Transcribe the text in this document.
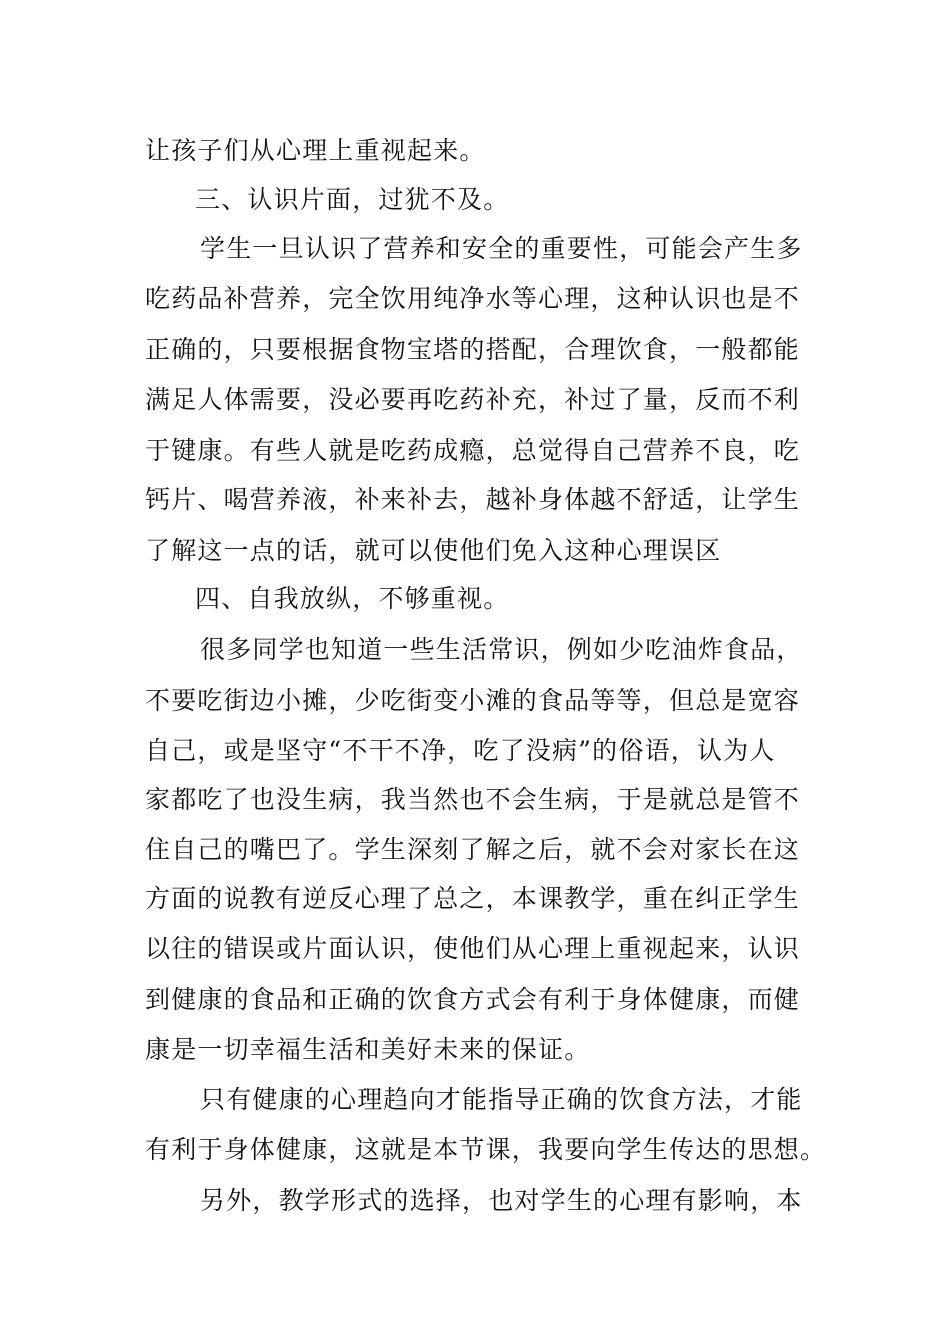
让孩子们从心理上重视起来。
三、认识片面，过犹不及。
学生一旦认识了营养和安全的重要性，可能会产生多
吃药品补营养，完全饮用纯净水等心理，这种认识也是不
正确的，只要根据食物宝塔的搭配，合理饮食，一般都能
满足人体需要，没必要再吃药补充，补过了量，反而不利
于键康。有些人就是吃药成瘾，总觉得自己营养不良，吃
钙片、喝营养液，补来补去，越补身体越不舒适，让学生
了解这一点的话，就可以使他们免入这种心理误区
四、自我放纵，不够重视。
很多同学也知道一些生活常识，例如少吃油炸食品，
不要吃街边小摊，少吃街变小滩的食品等等，但总是宽容
自己，或是坚守“不干不净，吃了没病”的俗语，认为人
家都吃了也没生病，我当然也不会生病，于是就总是管不
住自己的嘴巴了。学生深刻了解之后，就不会对家长在这
方面的说教有逆反心理了总之，本课教学，重在纠正学生
以往的错误或片面认识，使他们从心理上重视起来，认识
到健康的食品和正确的饮食方式会有利于身体健康，而健
康是一切幸福生活和美好未来的保证。
只有健康的心理趋向才能指导正确的饮食方法，才能
有利于身体健康，这就是本节课，我要向学生传达的思想。
另外，教学形式的选择，也对学生的心理有影响，本
